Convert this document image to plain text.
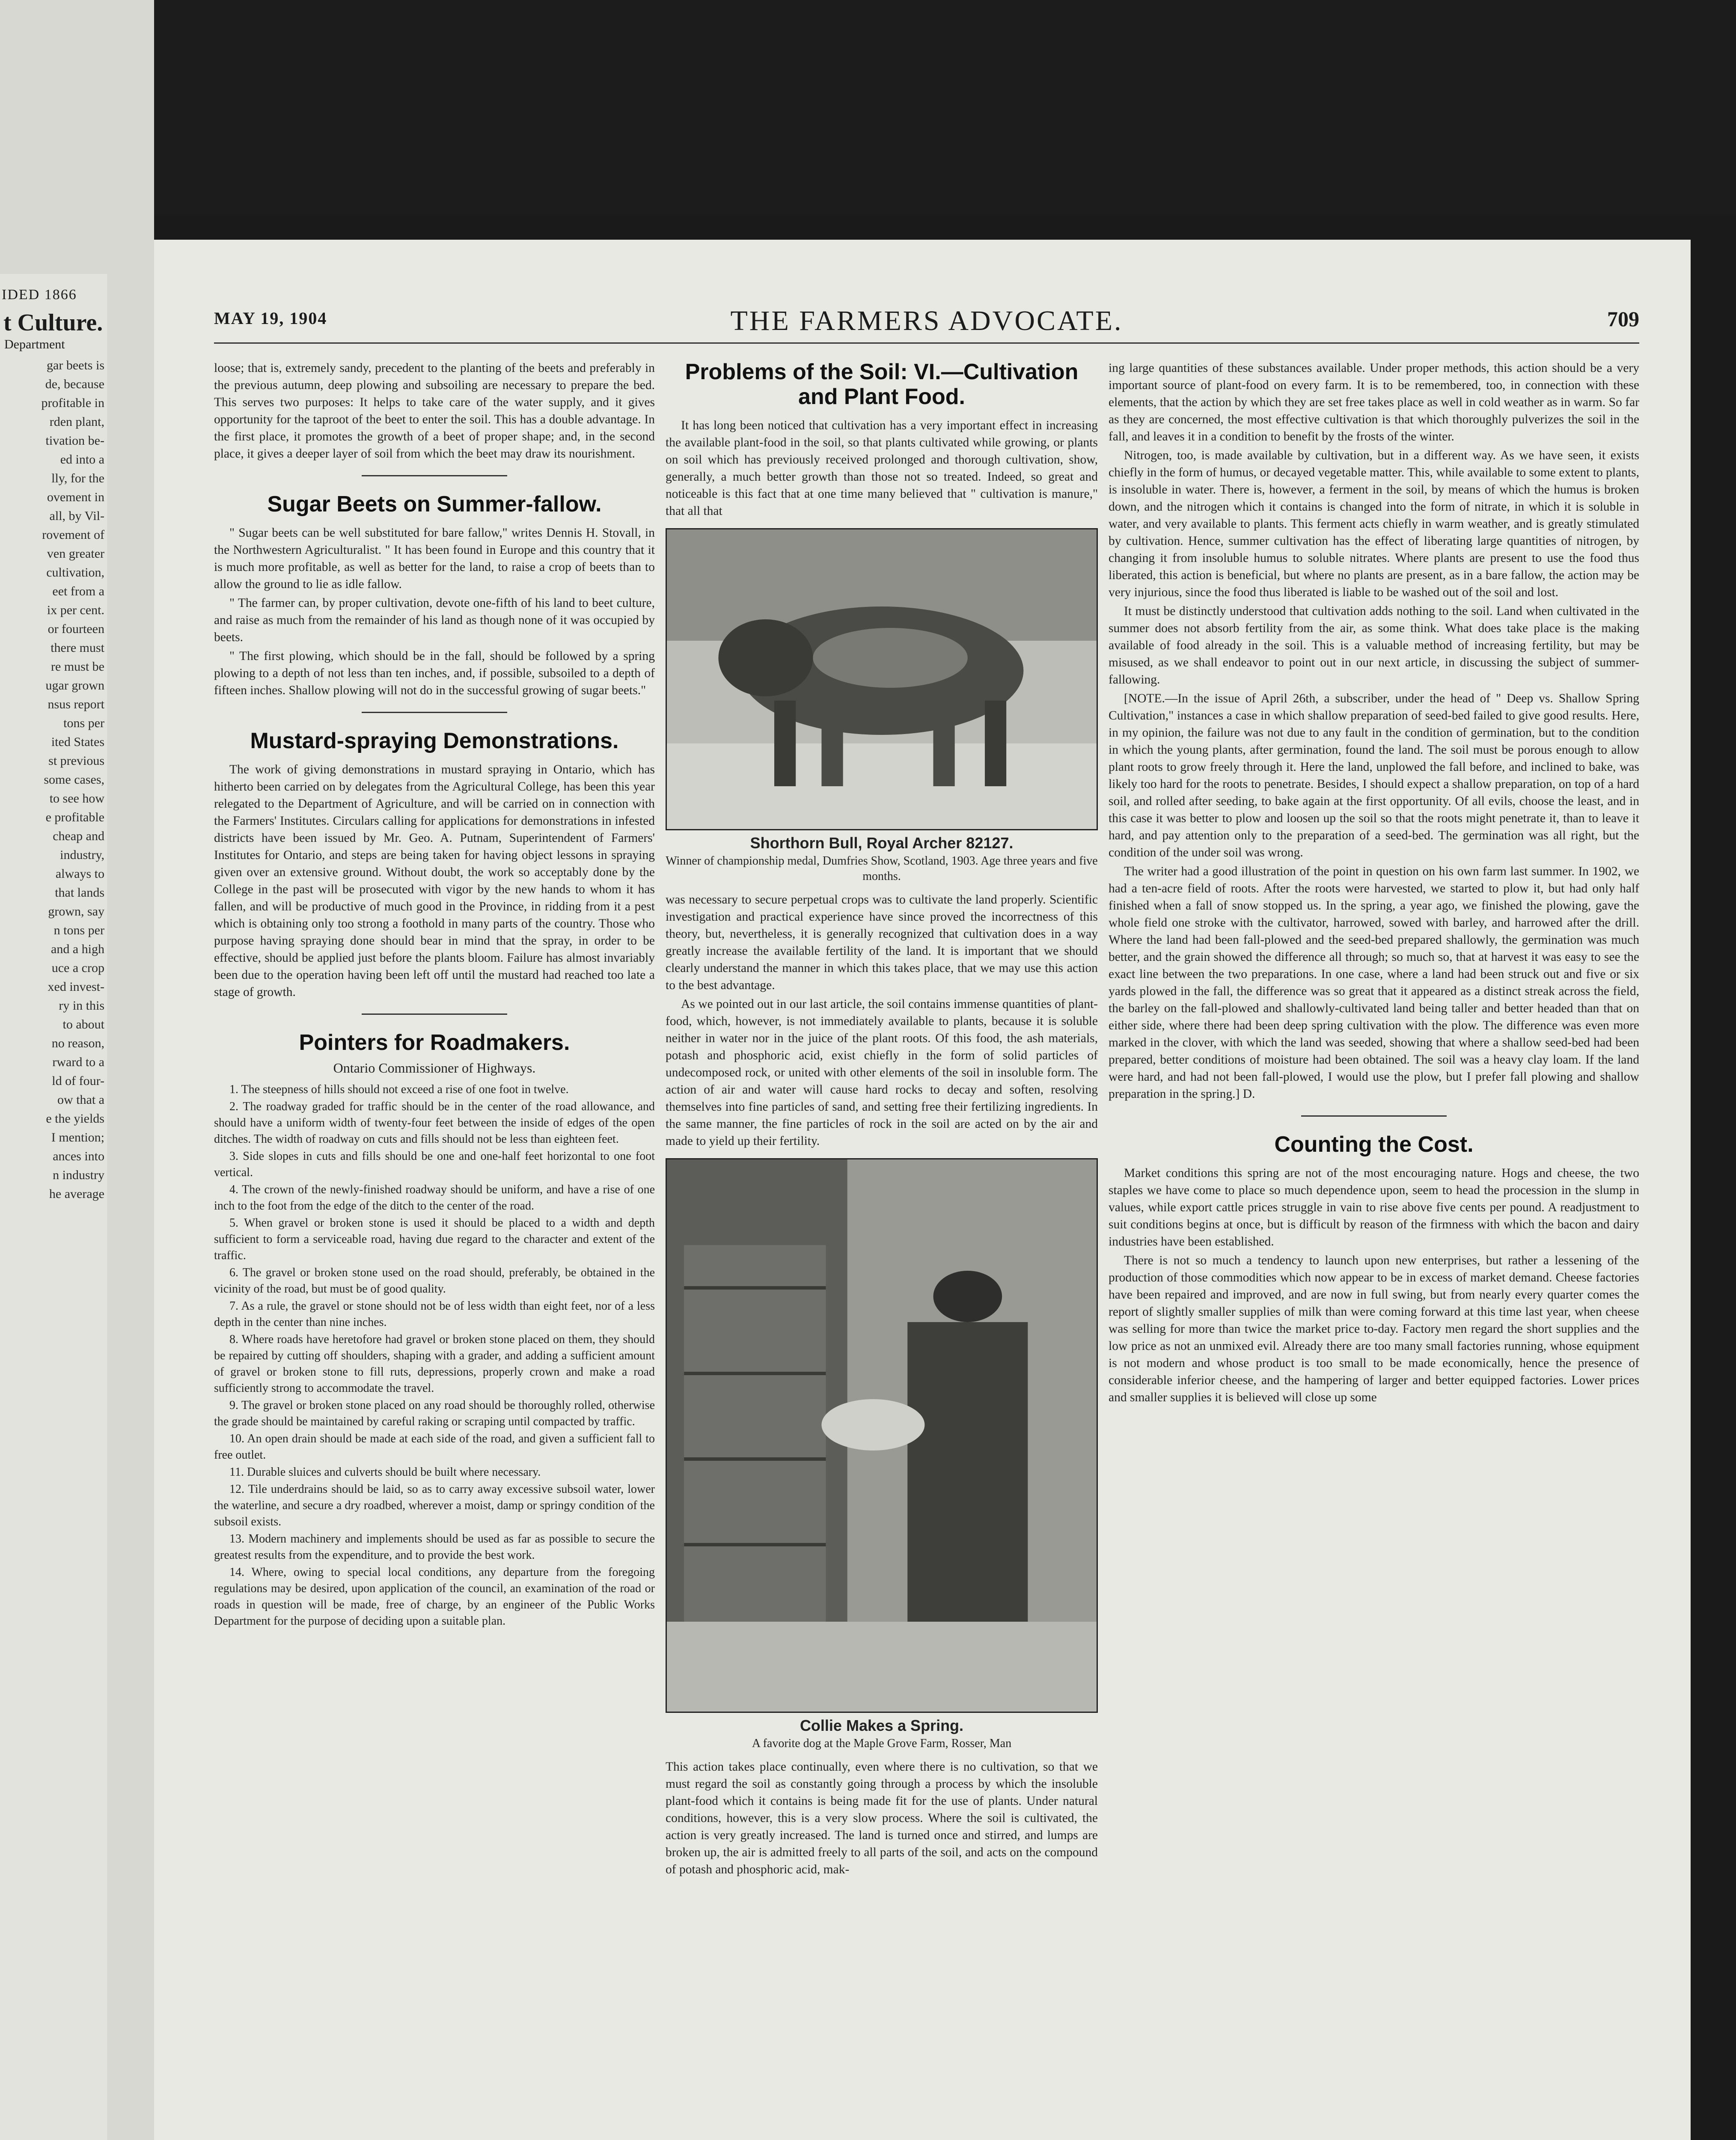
IDED 1866
t Culture.
Department
gar beets is
de, because
profitable in
rden plant,
tivation be-
ed into a
lly, for the
ovement in
all, by Vil-
rovement of
ven greater
cultivation,
eet from a
ix per cent.
or fourteen
there must
re must be
ugar grown
nsus report
tons per
ited States
st previous
some cases,
to see how
e profitable
cheap and
industry,
always to
that lands
grown, say
n tons per
and a high
uce a crop
xed invest-
ry in this
to about
no reason,
rward to a
ld of four-
ow that a
e the yields
I mention;
ances into
n industry
he average
MAY 19, 1904	THE FARMERS ADVOCATE.	709

loose; that is, extremely sandy, precedent to the planting of the beets and preferably in the previous autumn, deep plowing and subsoiling are necessary to prepare the bed. This serves two purposes: It helps to take care of the water supply, and it gives opportunity for the taproot of the beet to enter the soil. This has a double advantage. In the first place, it promotes the growth of a beet of proper shape; and, in the second place, it gives a deeper layer of soil from which the beet may draw its nourishment.

Sugar Beets on Summer-fallow.

" Sugar beets can be well substituted for bare fallow," writes Dennis H. Stovall, in the Northwestern Agriculturalist. " It has been found in Europe and this country that it is much more profitable, as well as better for the land, to raise a crop of beets than to allow the ground to lie as idle fallow.

" The farmer can, by proper cultivation, devote one-fifth of his land to beet culture, and raise as much from the remainder of his land as though none of it was occupied by beets.

" The first plowing, which should be in the fall, should be followed by a spring plowing to a depth of not less than ten inches, and, if possible, subsoiled to a depth of fifteen inches. Shallow plowing will not do in the successful growing of sugar beets."

Mustard-spraying Demonstrations.

The work of giving demonstrations in mustard spraying in Ontario, which has hitherto been carried on by delegates from the Agricultural College, has been this year relegated to the Department of Agriculture, and will be carried on in connection with the Farmers' Institutes. Circulars calling for applications for demonstrations in infested districts have been issued by Mr. Geo. A. Putnam, Superintendent of Farmers' Institutes for Ontario, and steps are being taken for having object lessons in spraying given over an extensive ground. Without doubt, the work so acceptably done by the College in the past will be prosecuted with vigor by the new hands to whom it has fallen, and will be productive of much good in the Province, in ridding from it a pest which is obtaining only too strong a foothold in many parts of the country. Those who purpose having spraying done should bear in mind that the spray, in order to be effective, should be applied just before the plants bloom. Failure has almost invariably been due to the operation having been left off until the mustard had reached too late a stage of growth.

Pointers for Roadmakers.
Ontario Commissioner of Highways.
1. The steepness of hills should not exceed a rise of one foot in twelve.
2. The roadway graded for traffic should be in the center of the road allowance, and should have a uniform width of twenty-four feet between the inside of edges of the open ditches. The width of roadway on cuts and fills should not be less than eighteen feet.
3. Side slopes in cuts and fills should be one and one-half feet horizontal to one foot vertical.
4. The crown of the newly-finished roadway should be uniform, and have a rise of one inch to the foot from the edge of the ditch to the center of the road.
5. When gravel or broken stone is used it should be placed to a width and depth sufficient to form a serviceable road, having due regard to the character and extent of the traffic.
6. The gravel or broken stone used on the road should, preferably, be obtained in the vicinity of the road, but must be of good quality.
7. As a rule, the gravel or stone should not be of less width than eight feet, nor of a less depth in the center than nine inches.
8. Where roads have heretofore had gravel or broken stone placed on them, they should be repaired by cutting off shoulders, shaping with a grader, and adding a sufficient amount of gravel or broken stone to fill ruts, depressions, properly crown and make a road sufficiently strong to accommodate the travel.
9. The gravel or broken stone placed on any road should be thoroughly rolled, otherwise the grade should be maintained by careful raking or scraping until compacted by traffic.
10. An open drain should be made at each side of the road, and given a sufficient fall to free outlet.
11. Durable sluices and culverts should be built where necessary.
12. Tile underdrains should be laid, so as to carry away excessive subsoil water, lower the waterline, and secure a dry roadbed, wherever a moist, damp or springy condition of the subsoil exists.
13. Modern machinery and implements should be used as far as possible to secure the greatest results from the expenditure, and to provide the best work.
14. Where, owing to special local conditions, any departure from the foregoing regulations may be desired, upon application of the council, an examination of the road or roads in question will be made, free of charge, by an engineer of the Public Works Department for the purpose of deciding upon a suitable plan.
Problems of the Soil: VI.—Cultivation and Plant Food.

It has long been noticed that cultivation has a very important effect in increasing the available plant-food in the soil, so that plants cultivated while growing, or plants on soil which has previously received prolonged and thorough cultivation, show, generally, a much better growth than those not so treated. Indeed, so great and noticeable is this fact that at one time many believed that " cultivation is manure," that all that

Shorthorn Bull, Royal Archer 82127.
Winner of championship medal, Dumfries Show, Scotland, 1903. Age three years and five months.

was necessary to secure perpetual crops was to cultivate the land properly. Scientific investigation and practical experience have since proved the incorrectness of this theory, but, nevertheless, it is generally recognized that cultivation does in a way greatly increase the available fertility of the land. It is important that we should clearly understand the manner in which this takes place, that we may use this action to the best advantage.

As we pointed out in our last article, the soil contains immense quantities of plant-food, which, however, is not immediately available to plants, because it is soluble neither in water nor in the juice of the plant roots. Of this food, the ash materials, potash and phosphoric acid, exist chiefly in the form of solid particles of undecomposed rock, or united with other elements of the soil in insoluble form. The action of air and water will cause hard rocks to decay and soften, resolving themselves into fine particles of sand, and setting free their fertilizing ingredients. In the same manner, the fine particles of rock in the soil are acted on by the air and made to yield up their fertility.

Collie Makes a Spring.
A favorite dog at the Maple Grove Farm, Rosser, Man

This action takes place continually, even where there is no cultivation, so that we must regard the soil as constantly going through a process by which the insoluble plant-food which it contains is being made fit for the use of plants. Under natural conditions, however, this is a very slow process. Where the soil is cultivated, the action is very greatly increased. The land is turned once and stirred, and lumps are broken up, the air is admitted freely to all parts of the soil, and acts on the compound of potash and phosphoric acid, mak-

ing large quantities of these substances available. Under proper methods, this action should be a very important source of plant-food on every farm. It is to be remembered, too, in connection with these elements, that the action by which they are set free takes place as well in cold weather as in warm. So far as they are concerned, the most effective cultivation is that which thoroughly pulverizes the soil in the fall, and leaves it in a condition to benefit by the frosts of the winter.

Nitrogen, too, is made available by cultivation, but in a different way. As we have seen, it exists chiefly in the form of humus, or decayed vegetable matter. This, while available to some extent to plants, is insoluble in water. There is, however, a ferment in the soil, by means of which the humus is broken down, and the nitrogen which it contains is changed into the form of nitrate, in which it is soluble in water, and very available to plants. This ferment acts chiefly in warm weather, and is greatly stimulated by cultivation. Hence, summer cultivation has the effect of liberating large quantities of nitrogen, by changing it from insoluble humus to soluble nitrates. Where plants are present to use the food thus liberated, this action is beneficial, but where no plants are present, as in a bare fallow, the action may be very injurious, since the food thus liberated is liable to be washed out of the soil and lost.

It must be distinctly understood that cultivation adds nothing to the soil. Land when cultivated in the summer does not absorb fertility from the air, as some think. What does take place is the making available of food already in the soil. This is a valuable method of increasing fertility, but may be misused, as we shall endeavor to point out in our next article, in discussing the subject of summer-fallowing.

[NOTE.—In the issue of April 26th, a subscriber, under the head of " Deep vs. Shallow Spring Cultivation," instances a case in which shallow preparation of seed-bed failed to give good results. Here, in my opinion, the failure was not due to any fault in the condition of germination, but to the condition in which the young plants, after germination, found the land. The soil must be porous enough to allow plant roots to grow freely through it. Here the land, unplowed the fall before, and inclined to bake, was likely too hard for the roots to penetrate. Besides, I should expect a shallow preparation, on top of a hard soil, and rolled after seeding, to bake again at the first opportunity. Of all evils, choose the least, and in this case it was better to plow and loosen up the soil so that the roots might penetrate it, than to leave it hard, and pay attention only to the preparation of a seed-bed. The germination was all right, but the condition of the under soil was wrong.

The writer had a good illustration of the point in question on his own farm last summer. In 1902, we had a ten-acre field of roots. After the roots were harvested, we started to plow it, but had only half finished when a fall of snow stopped us. In the spring, a year ago, we finished the plowing, gave the whole field one stroke with the cultivator, harrowed, sowed with barley, and harrowed after the drill. Where the land had been fall-plowed and the seed-bed prepared shallowly, the germination was much better, and the grain showed the difference all through; so much so, that at harvest it was easy to see the exact line between the two preparations. In one case, where a land had been struck out and five or six yards plowed in the fall, the difference was so great that it appeared as a distinct streak across the field, the barley on the fall-plowed and shallowly-cultivated land being taller and better headed than that on either side, where there had been deep spring cultivation with the plow. The difference was even more marked in the clover, with which the land was seeded, showing that where a shallow seed-bed had been prepared, better conditions of moisture had been obtained. The soil was a heavy clay loam. If the land were hard, and had not been fall-plowed, I would use the plow, but I prefer fall plowing and shallow preparation in the spring.] D.

Counting the Cost.

Market conditions this spring are not of the most encouraging nature. Hogs and cheese, the two staples we have come to place so much dependence upon, seem to head the procession in the slump in values, while export cattle prices struggle in vain to rise above five cents per pound. A readjustment to suit conditions begins at once, but is difficult by reason of the firmness with which the bacon and dairy industries have been established.

There is not so much a tendency to launch upon new enterprises, but rather a lessening of the production of those commodities which now appear to be in excess of market demand. Cheese factories have been repaired and improved, and are now in full swing, but from nearly every quarter comes the report of slightly smaller supplies of milk than were coming forward at this time last year, when cheese was selling for more than twice the market price to-day. Factory men regard the short supplies and the low price as not an unmixed evil. Already there are too many small factories running, whose equipment is not modern and whose product is too small to be made economically, hence the presence of considerable inferior cheese, and the hampering of larger and better equipped factories. Lower prices and smaller supplies it is believed will close up some
